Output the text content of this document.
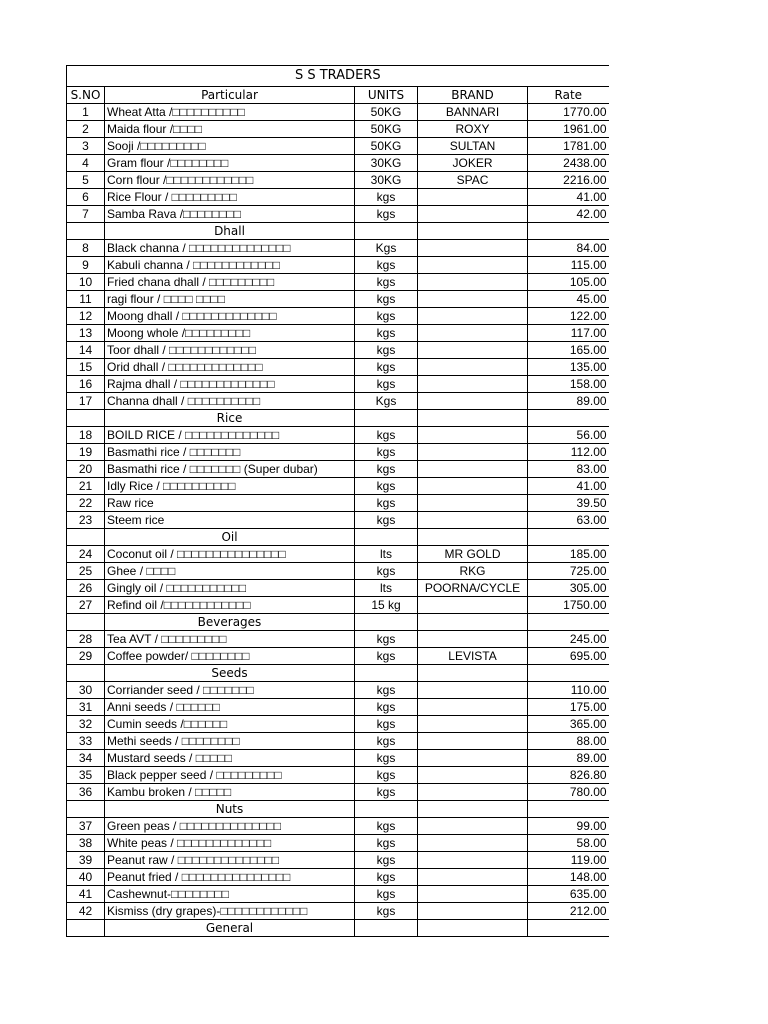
S S TRADERS				
S.NO	Particular	UNITS	BRAND	Rate
1	Wheat Atta /□□□□□□□□□□	50KG	BANNARI	1770.00
2	Maida flour /□□□□	50KG	ROXY	1961.00
3	Sooji /□□□□□□□□□	50KG	SULTAN	1781.00
4	Gram flour /□□□□□□□□	30KG	JOKER	2438.00
5	Corn flour /□□□□□□□□□□□□	30KG	SPAC	2216.00
6	Rice Flour / □□□□□□□□□	kgs		41.00
7	Samba Rava /□□□□□□□□	kgs		42.00
	Dhall			
8	Black channa / □□□□□□□□□□□□□□	Kgs		84.00
9	Kabuli channa / □□□□□□□□□□□□	kgs		115.00
10	Fried chana dhall / □□□□□□□□□	kgs		105.00
11	ragi flour / □□□□ □□□□	kgs		45.00
12	Moong dhall / □□□□□□□□□□□□□	kgs		122.00
13	Moong whole /□□□□□□□□□	kgs		117.00
14	Toor dhall / □□□□□□□□□□□□	kgs		165.00
15	Orid dhall / □□□□□□□□□□□□□	kgs		135.00
16	Rajma dhall / □□□□□□□□□□□□□	kgs		158.00
17	Channa dhall / □□□□□□□□□□	Kgs		89.00
	Rice			
18	BOILD RICE / □□□□□□□□□□□□□	kgs		56.00
19	Basmathi rice / □□□□□□□	kgs		112.00
20	Basmathi rice / □□□□□□□ (Super dubar)	kgs		83.00
21	Idly Rice / □□□□□□□□□□	kgs		41.00
22	Raw rice	kgs		39.50
23	Steem rice	kgs		63.00
	Oil			
24	Coconut oil / □□□□□□□□□□□□□□□	lts	MR GOLD	185.00
25	Ghee / □□□□	kgs	RKG	725.00
26	Gingly oil / □□□□□□□□□□□	lts	POORNA/CYCLE	305.00
27	Refind oil /□□□□□□□□□□□□	15 kg		1750.00
	Beverages			
28	Tea AVT / □□□□□□□□□	kgs		245.00
29	Coffee powder/ □□□□□□□□	kgs	LEVISTA	695.00
	Seeds			
30	Corriander seed / □□□□□□□	kgs		110.00
31	Anni seeds / □□□□□□	kgs		175.00
32	Cumin seeds /□□□□□□	kgs		365.00
33	Methi seeds / □□□□□□□□	kgs		88.00
34	Mustard seeds / □□□□□	kgs		89.00
35	Black pepper seed / □□□□□□□□□	kgs		826.80
36	Kambu broken / □□□□□	kgs		780.00
	Nuts			
37	Green peas / □□□□□□□□□□□□□□	kgs		99.00
38	White peas / □□□□□□□□□□□□□	kgs		58.00
39	Peanut raw / □□□□□□□□□□□□□□	kgs		119.00
40	Peanut fried / □□□□□□□□□□□□□□□	kgs		148.00
41	Cashewnut-□□□□□□□□	kgs		635.00
42	Kismiss (dry grapes)-□□□□□□□□□□□□	kgs		212.00
	General			
